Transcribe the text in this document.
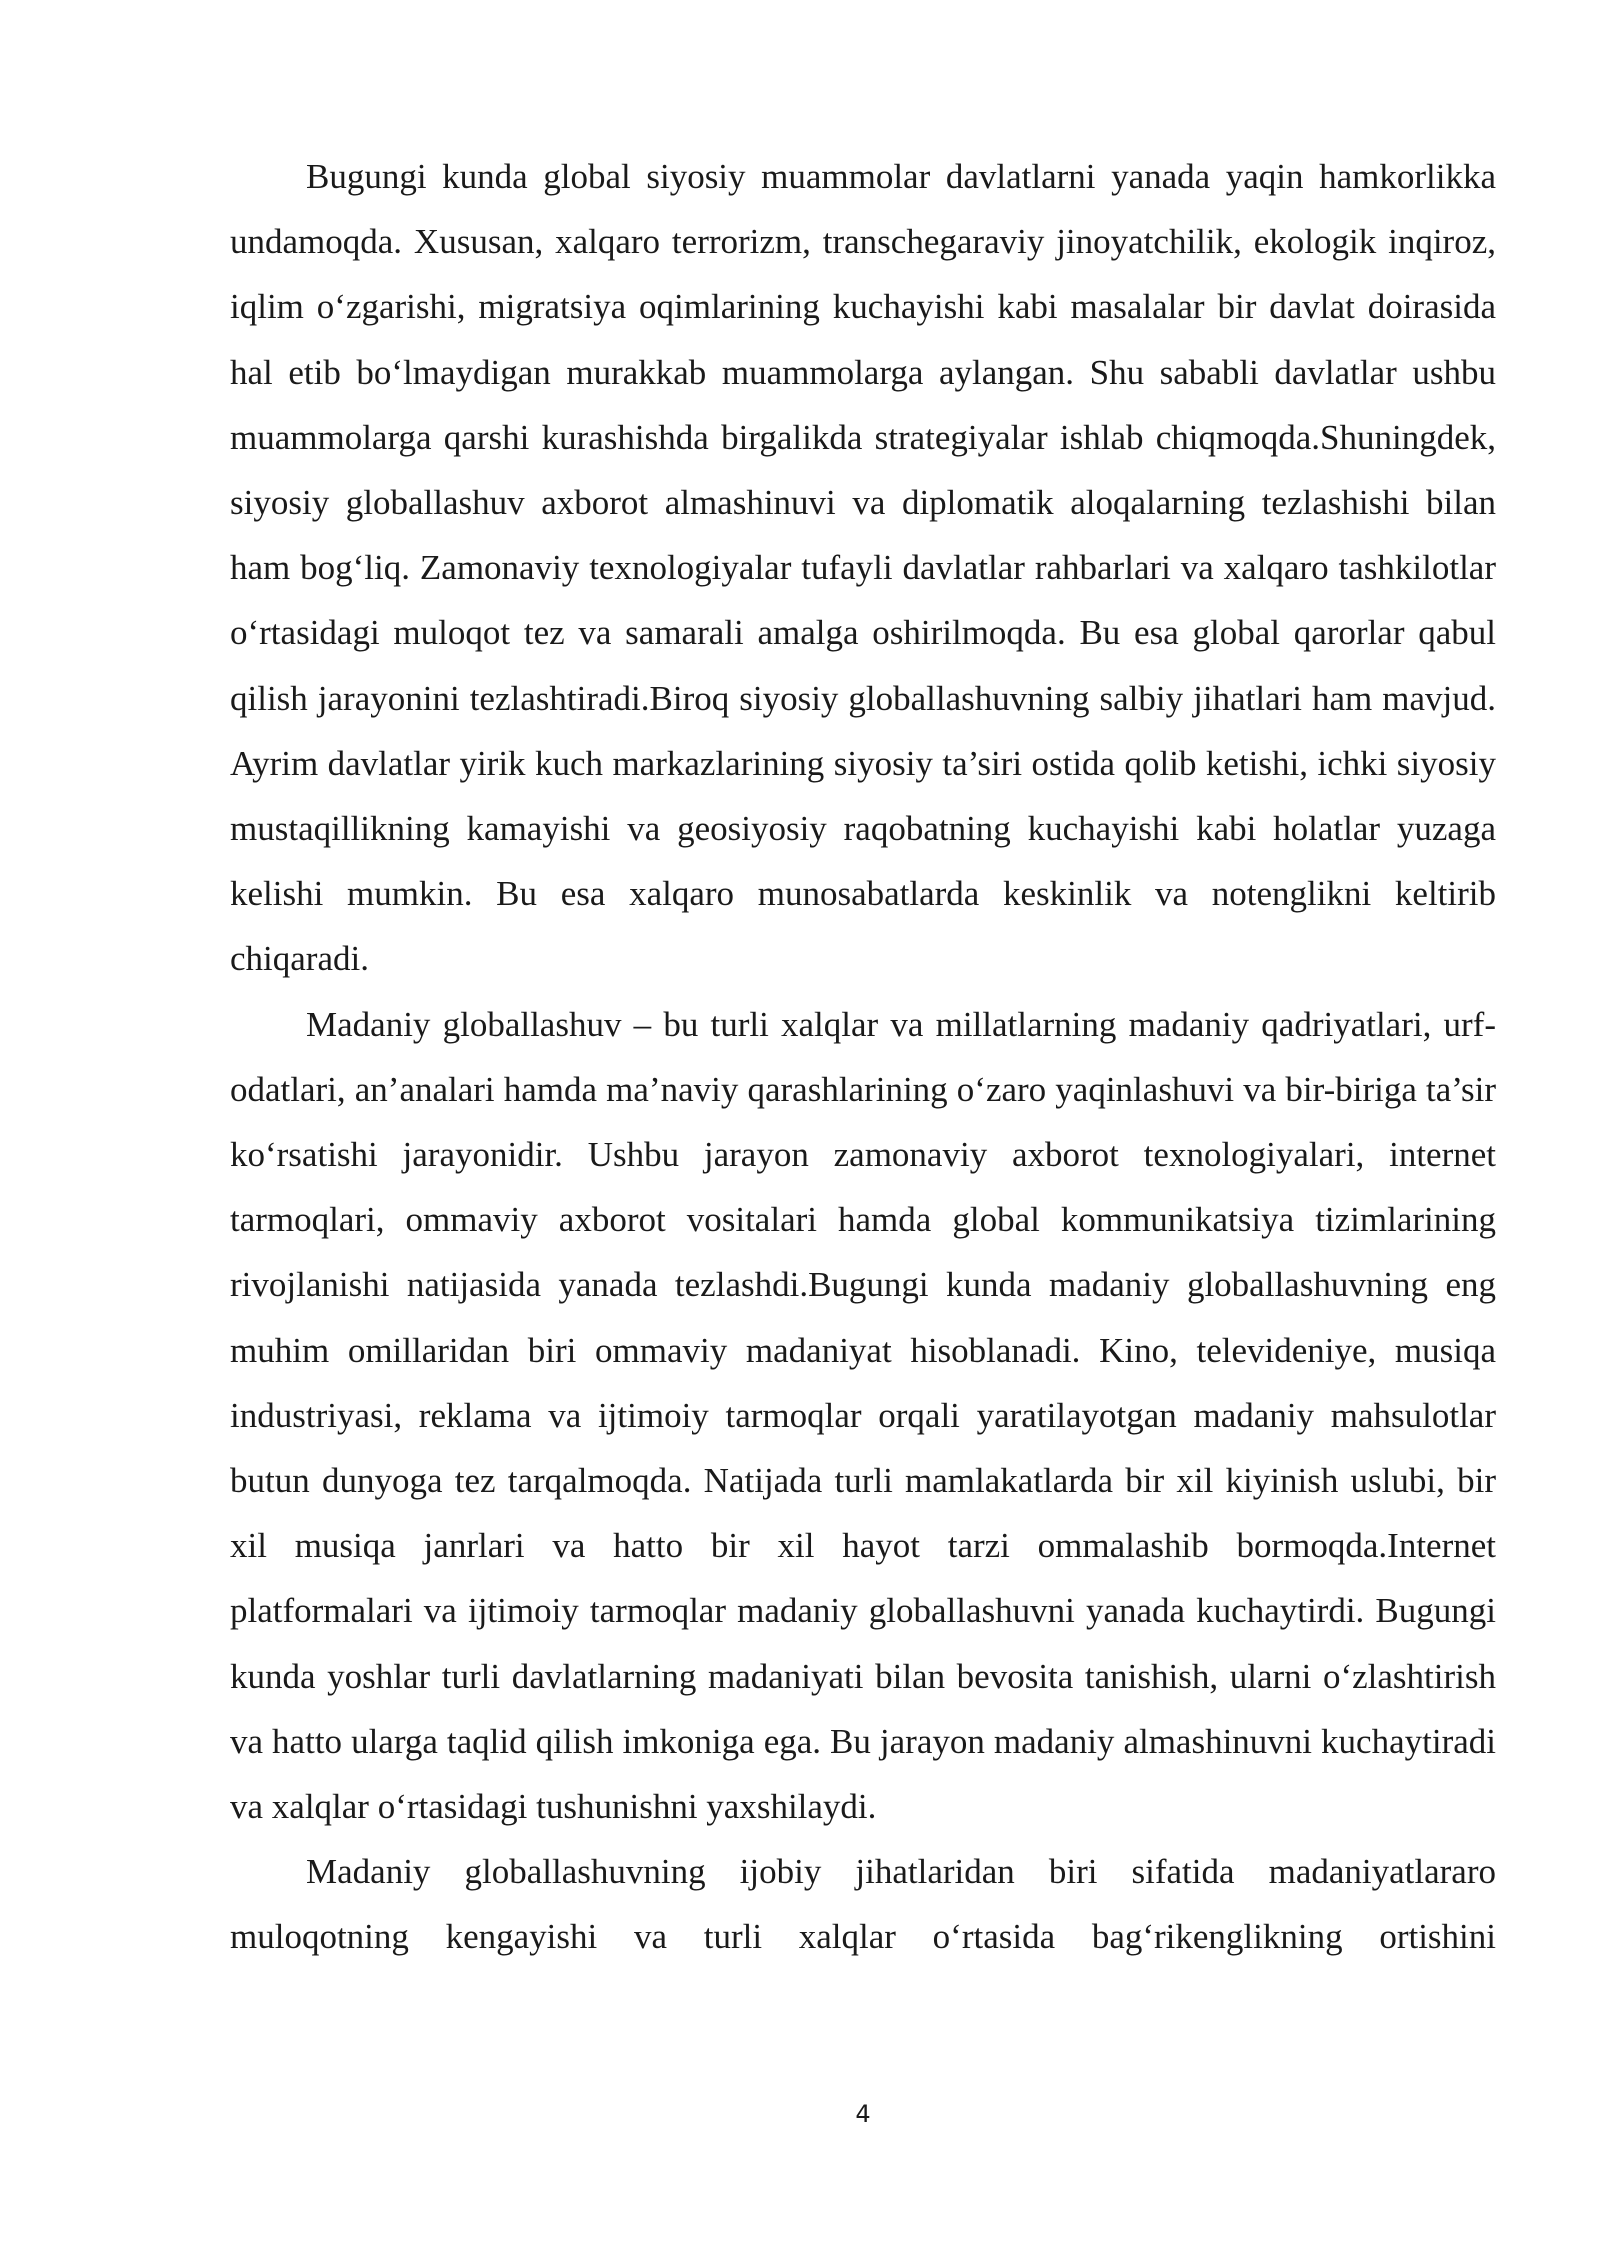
Bugungi kunda global siyosiy muammolar davlatlarni yanada yaqin hamkorlikka undamoqda. Xususan, xalqaro terrorizm, transchegaraviy jinoyatchilik, ekologik inqiroz, iqlim o‘zgarishi, migratsiya oqimlarining kuchayishi kabi masalalar bir davlat doirasida hal etib bo‘lmaydigan murakkab muammolarga aylangan. Shu sababli davlatlar ushbu muammolarga qarshi kurashishda birgalikda strategiyalar ishlab chiqmoqda.Shuningdek, siyosiy globallashuv axborot almashinuvi va diplomatik aloqalarning tezlashishi bilan ham bog‘liq. Zamonaviy texnologiyalar tufayli davlatlar rahbarlari va xalqaro tashkilotlar o‘rtasidagi muloqot tez va samarali amalga oshirilmoqda. Bu esa global qarorlar qabul qilish jarayonini tezlashtiradi.Biroq siyosiy globallashuvning salbiy jihatlari ham mavjud. Ayrim davlatlar yirik kuch markazlarining siyosiy ta’siri ostida qolib ketishi, ichki siyosiy mustaqillikning kamayishi va geosiyosiy raqobatning kuchayishi kabi holatlar yuzaga kelishi mumkin. Bu esa xalqaro munosabatlarda keskinlik va notenglikni keltirib chiqaradi.

Madaniy globallashuv – bu turli xalqlar va millatlarning madaniy qadriyatlari, urf-odatlari, an’analari hamda ma’naviy qarashlarining o‘zaro yaqinlashuvi va bir-biriga ta’sir ko‘rsatishi jarayonidir. Ushbu jarayon zamonaviy axborot texnologiyalari, internet tarmoqlari, ommaviy axborot vositalari hamda global kommunikatsiya tizimlarining rivojlanishi natijasida yanada tezlashdi.Bugungi kunda madaniy globallashuvning eng muhim omillaridan biri ommaviy madaniyat hisoblanadi. Kino, televideniye, musiqa industriyasi, reklama va ijtimoiy tarmoqlar orqali yaratilayotgan madaniy mahsulotlar butun dunyoga tez tarqalmoqda. Natijada turli mamlakatlarda bir xil kiyinish uslubi, bir xil musiqa janrlari va hatto bir xil hayot tarzi ommalashib bormoqda.Internet platformalari va ijtimoiy tarmoqlar madaniy globallashuvni yanada kuchaytirdi. Bugungi kunda yoshlar turli davlatlarning madaniyati bilan bevosita tanishish, ularni o‘zlashtirish va hatto ularga taqlid qilish imkoniga ega. Bu jarayon madaniy almashinuvni kuchaytiradi va xalqlar o‘rtasidagi tushunishni yaxshilaydi.

Madaniy globallashuvning ijobiy jihatlaridan biri sifatida madaniyatlararo muloqotning kengayishi va turli xalqlar o‘rtasida bag‘rikenglikning ortishini

4
